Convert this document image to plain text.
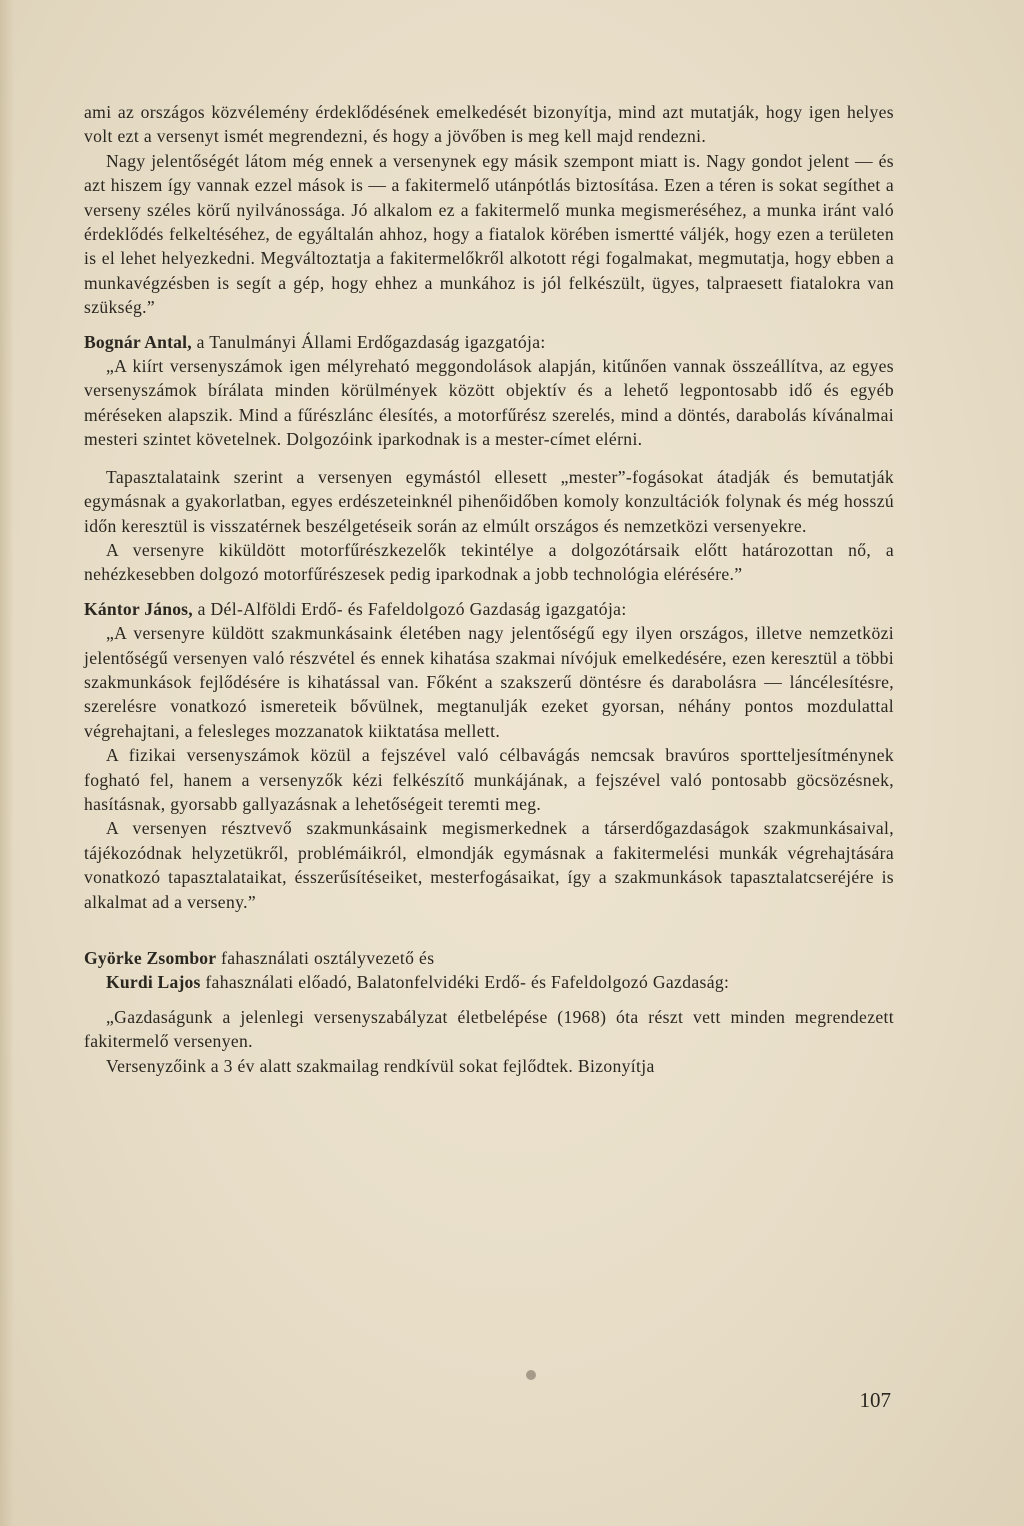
ami az országos közvélemény érdeklődésének emelkedését bizonyítja, mind azt mutatják, hogy igen helyes volt ezt a versenyt ismét megrendezni, és hogy a jövőben is meg kell majd rendezni.

Nagy jelentőségét látom még ennek a versenynek egy másik szempont miatt is. Nagy gondot jelent — és azt hiszem így vannak ezzel mások is — a fakitermelő utánpótlás biztosítása. Ezen a téren is sokat segíthet a verseny széles körű nyilvánossága. Jó alkalom ez a fakitermelő munka megismeréséhez, a munka iránt való érdeklődés felkeltéséhez, de egyáltalán ahhoz, hogy a fiatalok körében ismertté váljék, hogy ezen a területen is el lehet helyezkedni. Megváltoztatja a fakitermelőkről alkotott régi fogalmakat, megmutatja, hogy ebben a munkavégzésben is segít a gép, hogy ehhez a munkához is jól felkészült, ügyes, talpraesett fiatalokra van szükség.”

Bognár Antal, a Tanulmányi Állami Erdőgazdaság igazgatója:

„A kiírt versenyszámok igen mélyreható meggondolások alapján, kitűnően vannak összeállítva, az egyes versenyszámok bírálata minden körülmények között objektív és a lehető legpontosabb idő és egyéb méréseken alapszik. Mind a fűrészlánc élesítés, a motorfűrész szerelés, mind a döntés, darabolás kívánalmai mesteri szintet követelnek. Dolgozóink iparkodnak is a mester-címet elérni.

Tapasztalataink szerint a versenyen egymástól ellesett „mester”-fogásokat átadják és bemutatják egymásnak a gyakorlatban, egyes erdészeteinknél pihenőidőben komoly konzultációk folynak és még hosszú időn keresztül is visszatérnek beszélgetéseik során az elmúlt országos és nemzetközi versenyekre.

A versenyre kiküldött motorfűrészkezelők tekintélye a dolgozótársaik előtt határozottan nő, a nehézkesebben dolgozó motorfűrészesek pedig iparkodnak a jobb technológia elérésére.”

Kántor János, a Dél-Alföldi Erdő- és Fafeldolgozó Gazdaság igazgatója:

„A versenyre küldött szakmunkásaink életében nagy jelentőségű egy ilyen országos, illetve nemzetközi jelentőségű versenyen való részvétel és ennek kihatása szakmai nívójuk emelkedésére, ezen keresztül a többi szakmunkások fejlődésére is kihatással van. Főként a szakszerű döntésre és darabolásra — láncélesítésre, szerelésre vonatkozó ismereteik bővülnek, megtanulják ezeket gyorsan, néhány pontos mozdulattal végrehajtani, a felesleges mozzanatok kiiktatása mellett.

A fizikai versenyszámok közül a fejszével való célbavágás nemcsak bravúros sportteljesítménynek fogható fel, hanem a versenyzők kézi felkészítő munkájának, a fejszével való pontosabb göcsözésnek, hasításnak, gyorsabb gallyazásnak a lehetőségeit teremti meg.

A versenyen résztvevő szakmunkásaink megismerkednek a társerdőgazdaságok szakmunkásaival, tájékozódnak helyzetükről, problémáikról, elmondják egymásnak a fakitermelési munkák végrehajtására vonatkozó tapasztalataikat, ésszerűsítéseiket, mesterfogásaikat, így a szakmunkások tapasztalatcseréjére is alkalmat ad a verseny.”

Györke Zsombor fahasználati osztályvezető és

Kurdi Lajos fahasználati előadó, Balatonfelvidéki Erdő- és Fafeldolgozó Gazdaság:

„Gazdaságunk a jelenlegi versenyszabályzat életbelépése (1968) óta részt vett minden megrendezett fakitermelő versenyen.

Versenyzőink a 3 év alatt szakmailag rendkívül sokat fejlődtek. Bizonyítja

107
